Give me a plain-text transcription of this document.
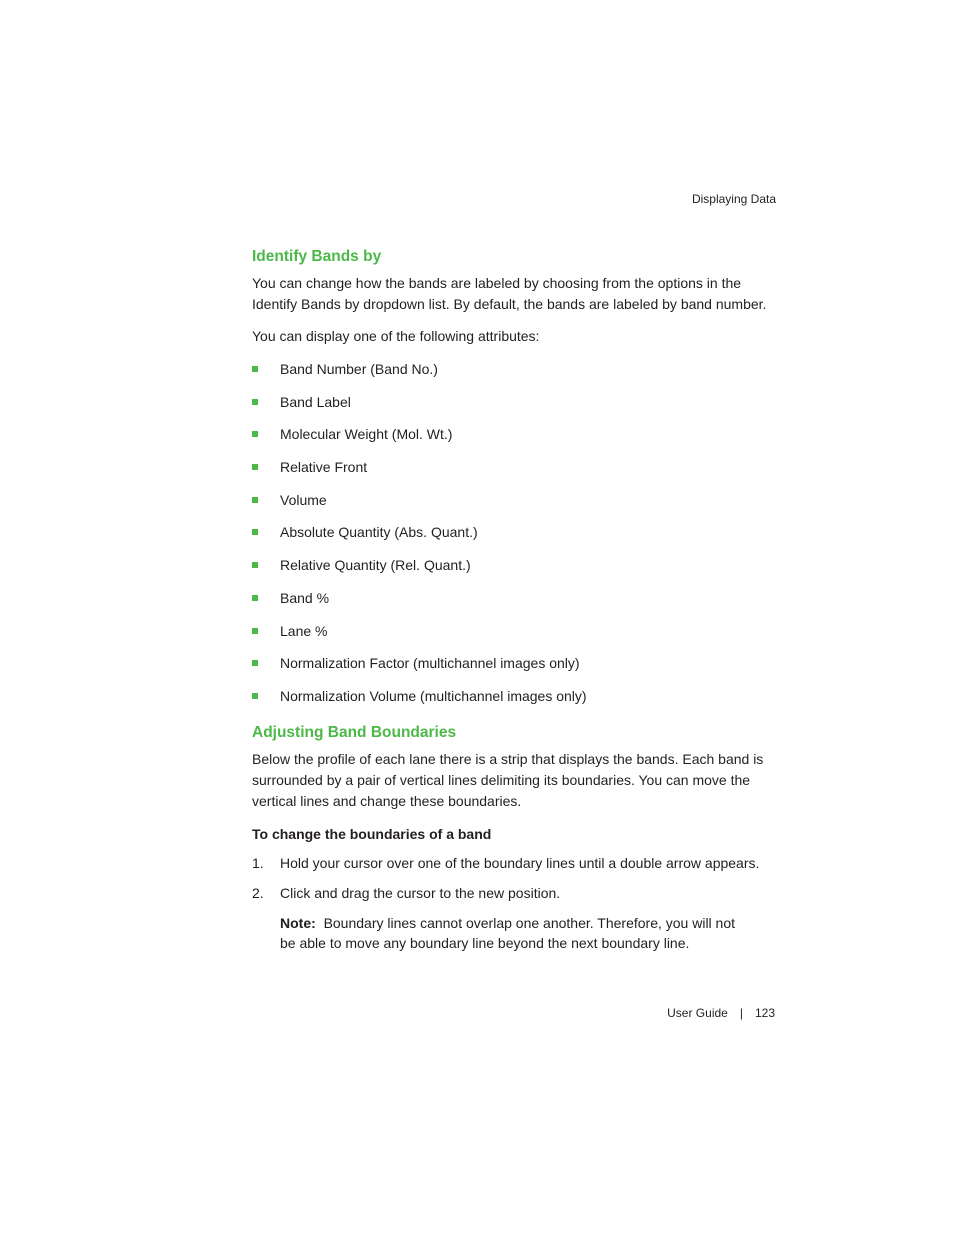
Displaying Data
Identify Bands by

You can change how the bands are labeled by choosing from the options in the Identify Bands by dropdown list. By default, the bands are labeled by band number.

You can display one of the following attributes:

Band Number (Band No.)
Band Label
Molecular Weight (Mol. Wt.)
Relative Front
Volume
Absolute Quantity (Abs. Quant.)
Relative Quantity (Rel. Quant.)
Band %
Lane %
Normalization Factor (multichannel images only)
Normalization Volume (multichannel images only)
Adjusting Band Boundaries

Below the profile of each lane there is a strip that displays the bands. Each band is surrounded by a pair of vertical lines delimiting its boundaries. You can move the vertical lines and change these boundaries.

To change the boundaries of a band
1. Hold your cursor over one of the boundary lines until a double arrow appears.
2. Click and drag the cursor to the new position.
Note: Boundary lines cannot overlap one another. Therefore, you will not be able to move any boundary line beyond the next boundary line.
User Guide | 123
